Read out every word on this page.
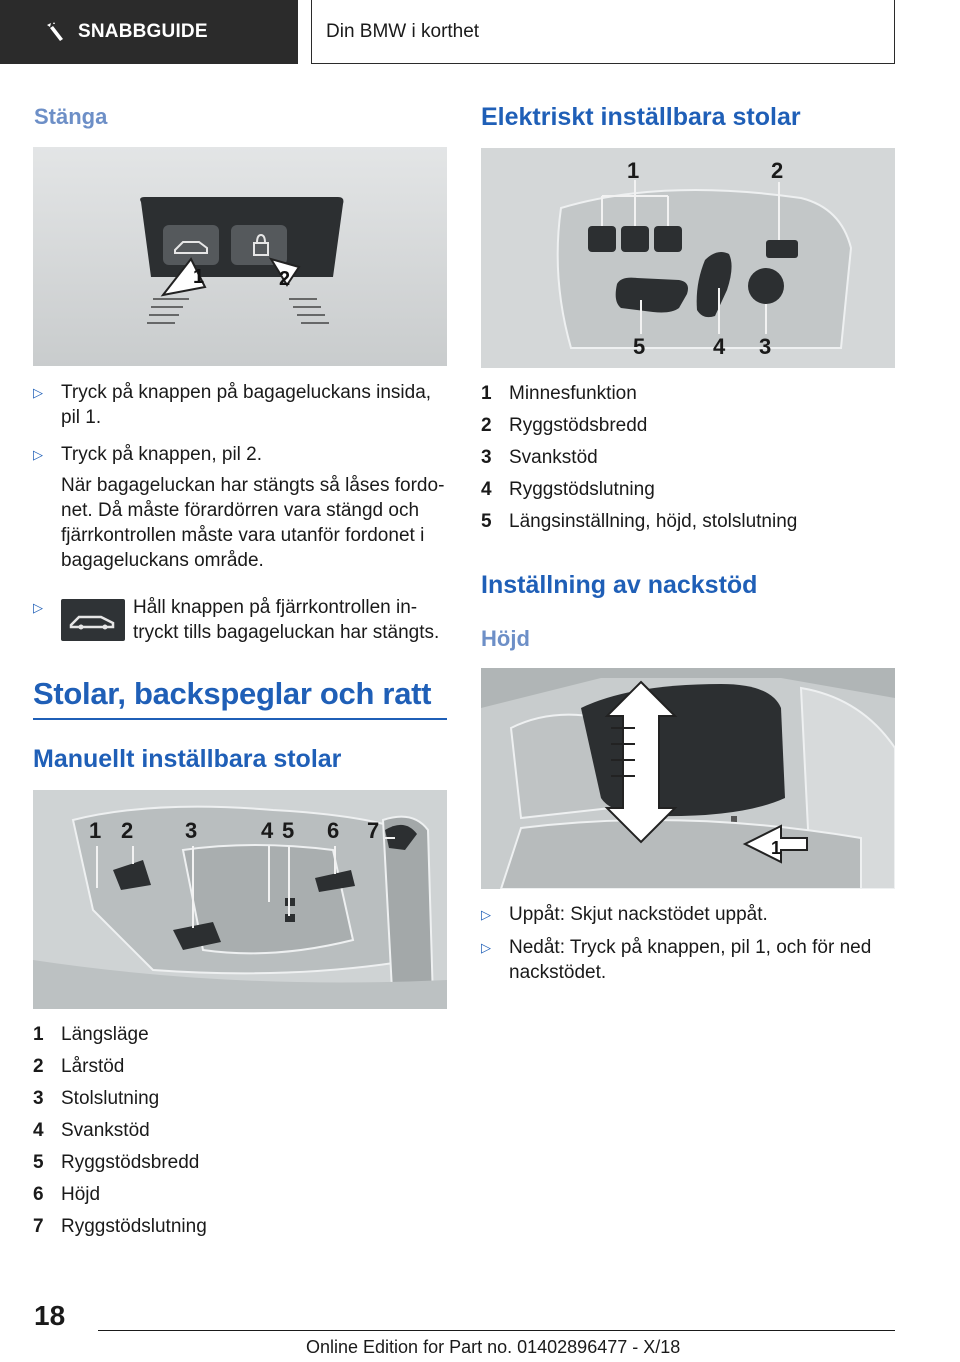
SNABBGUIDE	Din BMW i korthet
Stänga
1	2
▷ Tryck på knappen på bagageluckans insida, pil 1.
▷ Tryck på knappen, pil 2.
När bagageluckan har stängts så låses fordonet. Då måste förardörren vara stängd och fjärrkontrollen måste vara utanför fordonet i bagageluckans område.
▷	Håll knappen på fjärrkontrollen intryckt tills bagageluckan har stängts.
Stolar, backspeglar och ratt
Manuellt inställbara stolar
1 2 3	4 5 6 7
1 Längsläge
2 Lårstöd
3 Stolslutning
4 Svankstöd
5 Ryggstödsbredd
6 Höjd
7 Ryggstödslutning
Elektriskt inställbara stolar
1	2
5	4 3
1 Minnesfunktion
2 Ryggstödsbredd
3 Svankstöd
4 Ryggstödslutning
5 Längsinställning, höjd, stolslutning
Inställning av nackstöd
Höjd
1
▷ Uppåt: Skjut nackstödet uppåt.
▷ Nedåt: Tryck på knappen, pil 1, och för ned nackstödet.
18
Online Edition for Part no. 01402896477 - X/18
